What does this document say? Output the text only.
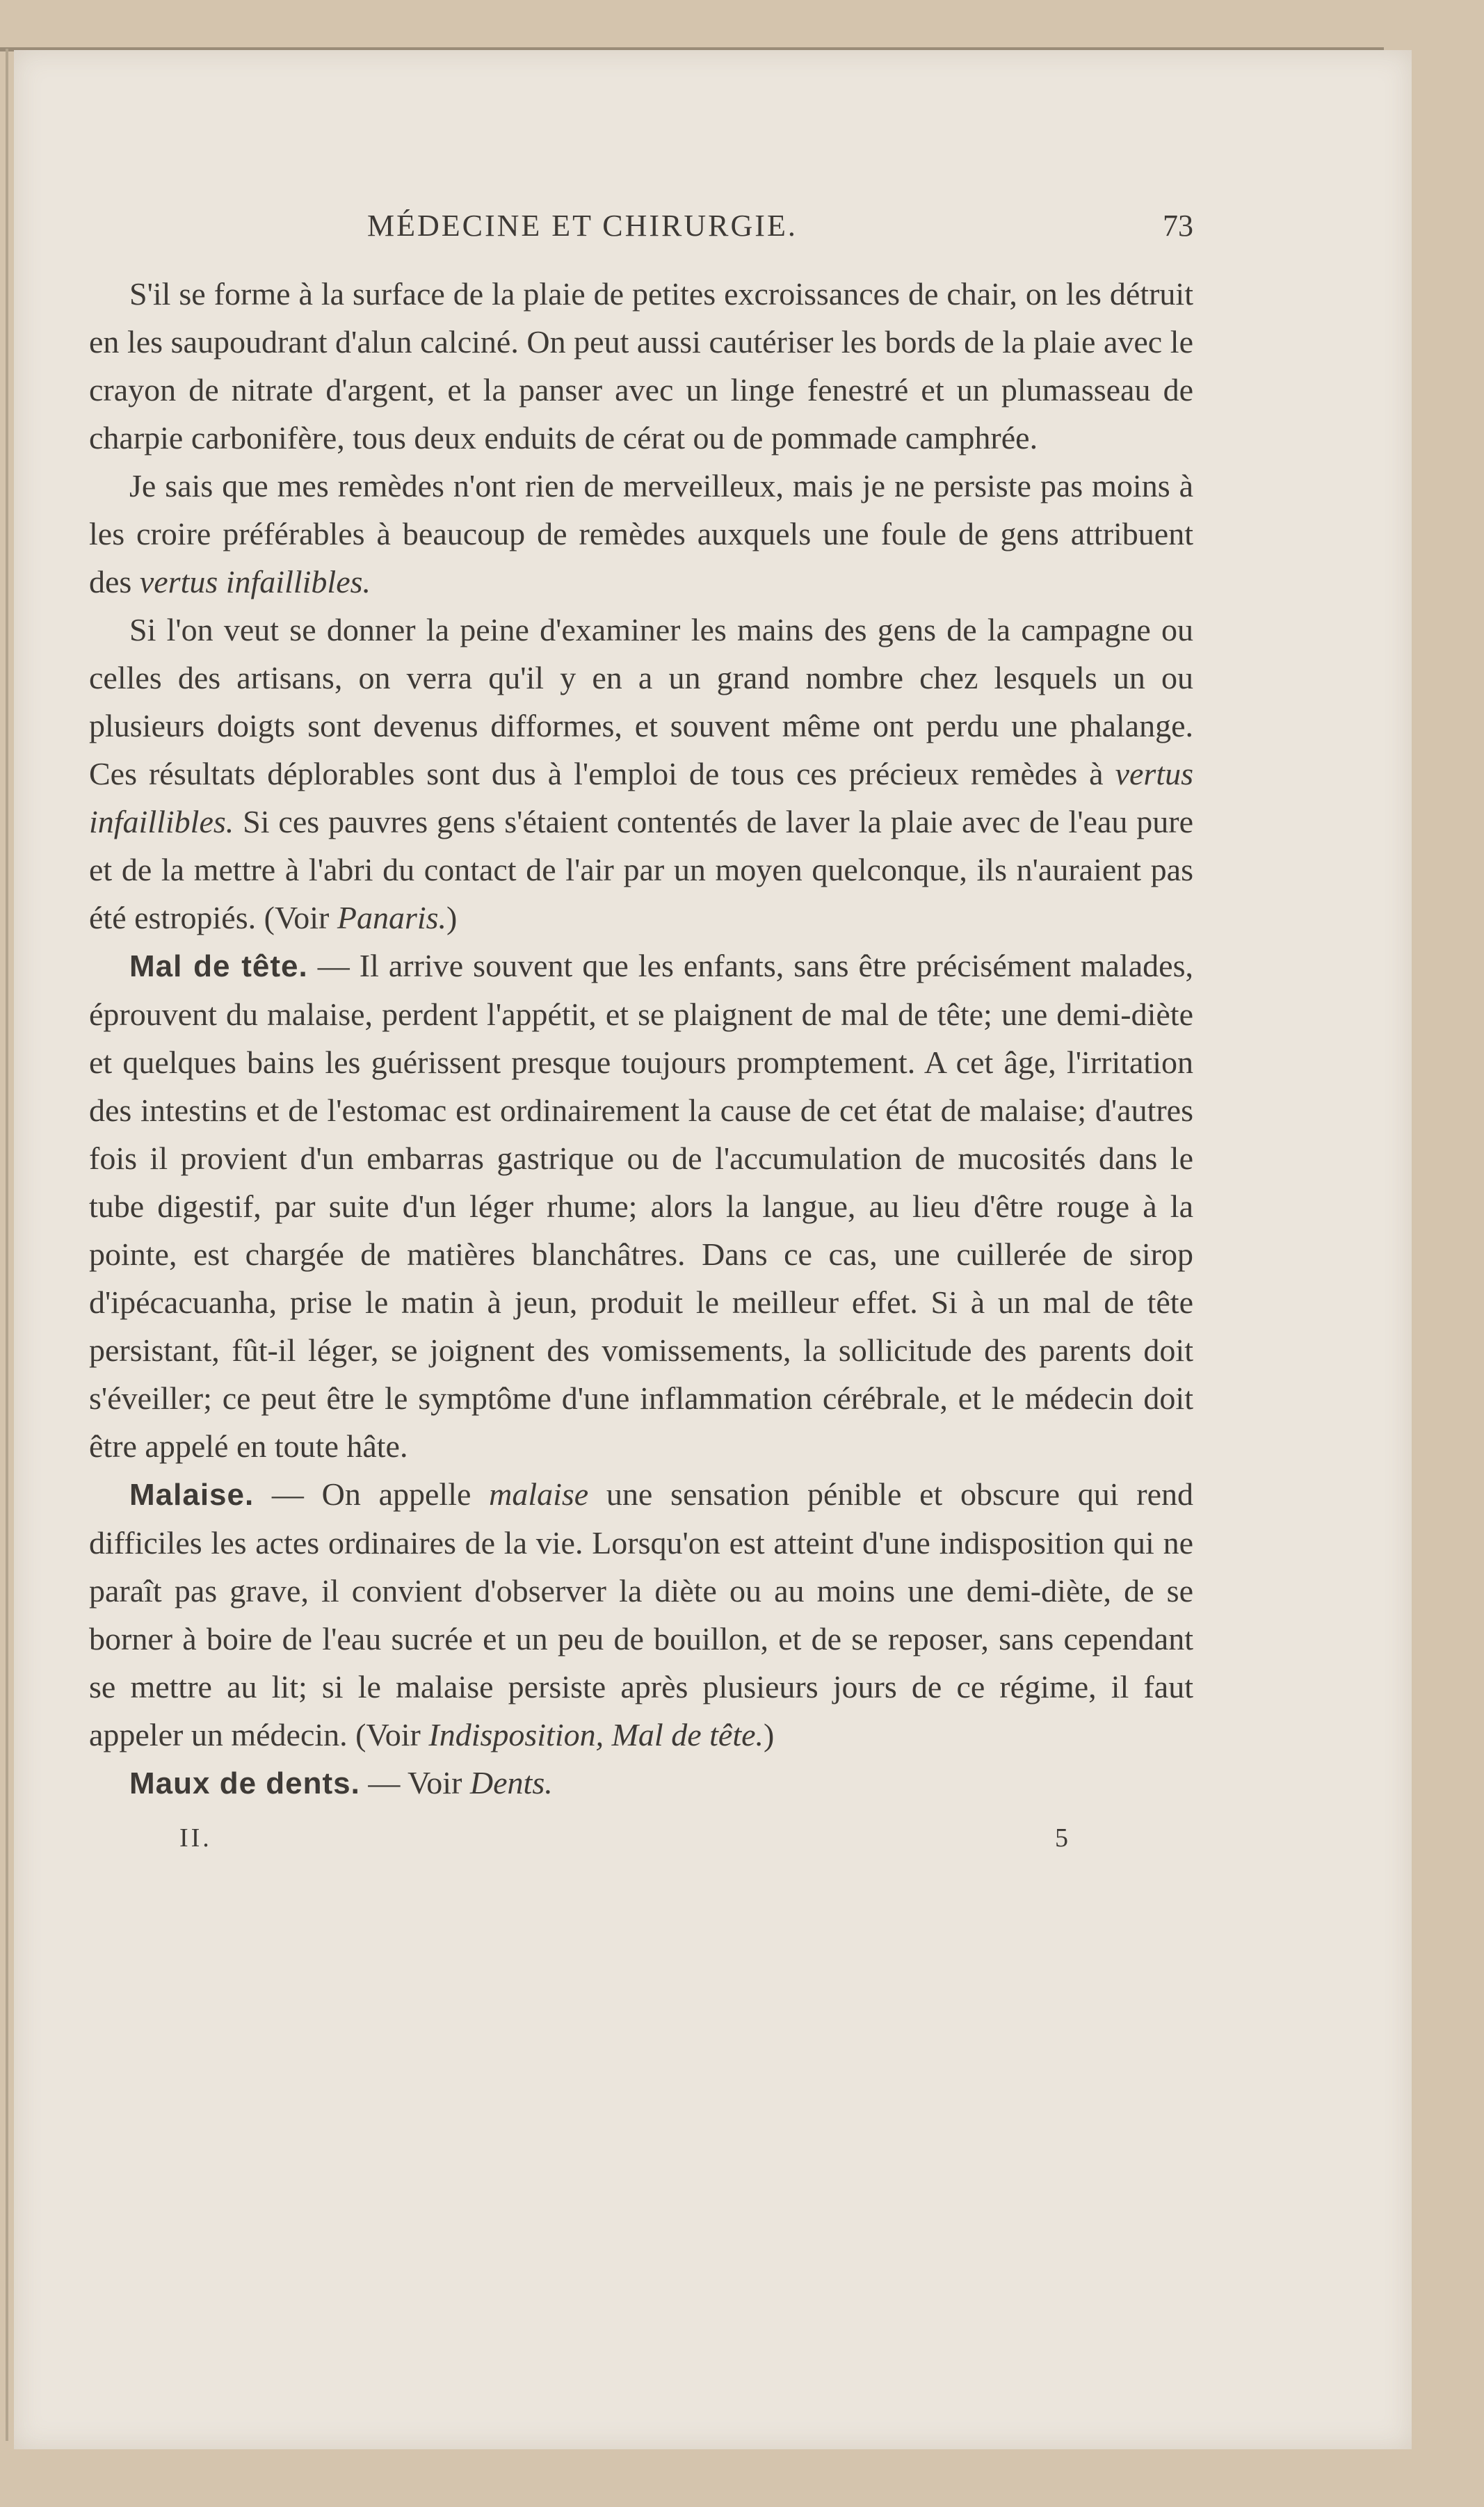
MÉDECINE ET CHIRURGIE.	73

S'il se forme à la surface de la plaie de petites excroissances de chair, on les détruit en les saupoudrant d'alun calciné. On peut aussi cautériser les bords de la plaie avec le crayon de nitrate d'argent, et la panser avec un linge fenestré et un plumasseau de charpie carbonifère, tous deux enduits de cérat ou de pommade camphrée.

Je sais que mes remèdes n'ont rien de merveilleux, mais je ne persiste pas moins à les croire préférables à beaucoup de remèdes auxquels une foule de gens attribuent des vertus infaillibles.

Si l'on veut se donner la peine d'examiner les mains des gens de la campagne ou celles des artisans, on verra qu'il y en a un grand nombre chez lesquels un ou plusieurs doigts sont devenus difformes, et souvent même ont perdu une phalange. Ces résultats déplorables sont dus à l'emploi de tous ces précieux remèdes à vertus infaillibles. Si ces pauvres gens s'étaient contentés de laver la plaie avec de l'eau pure et de la mettre à l'abri du contact de l'air par un moyen quelconque, ils n'auraient pas été estropiés. (Voir Panaris.)

Mal de tête. — Il arrive souvent que les enfants, sans être précisément malades, éprouvent du malaise, perdent l'appétit, et se plaignent de mal de tête; une demi-diète et quelques bains les guérissent presque toujours promptement. A cet âge, l'irritation des intestins et de l'estomac est ordinairement la cause de cet état de malaise; d'autres fois il provient d'un embarras gastrique ou de l'accumulation de mucosités dans le tube digestif, par suite d'un léger rhume; alors la langue, au lieu d'être rouge à la pointe, est chargée de matières blanchâtres. Dans ce cas, une cuillerée de sirop d'ipécacuanha, prise le matin à jeun, produit le meilleur effet. Si à un mal de tête persistant, fût-il léger, se joignent des vomissements, la sollicitude des parents doit s'éveiller; ce peut être le symptôme d'une inflammation cérébrale, et le médecin doit être appelé en toute hâte.

Malaise. — On appelle malaise une sensation pénible et obscure qui rend difficiles les actes ordinaires de la vie. Lorsqu'on est atteint d'une indisposition qui ne paraît pas grave, il convient d'observer la diète ou au moins une demi-diète, de se borner à boire de l'eau sucrée et un peu de bouillon, et de se reposer, sans cependant se mettre au lit; si le malaise persiste après plusieurs jours de ce régime, il faut appeler un médecin. (Voir Indisposition, Mal de tête.)

Maux de dents. — Voir Dents.

II.	5
